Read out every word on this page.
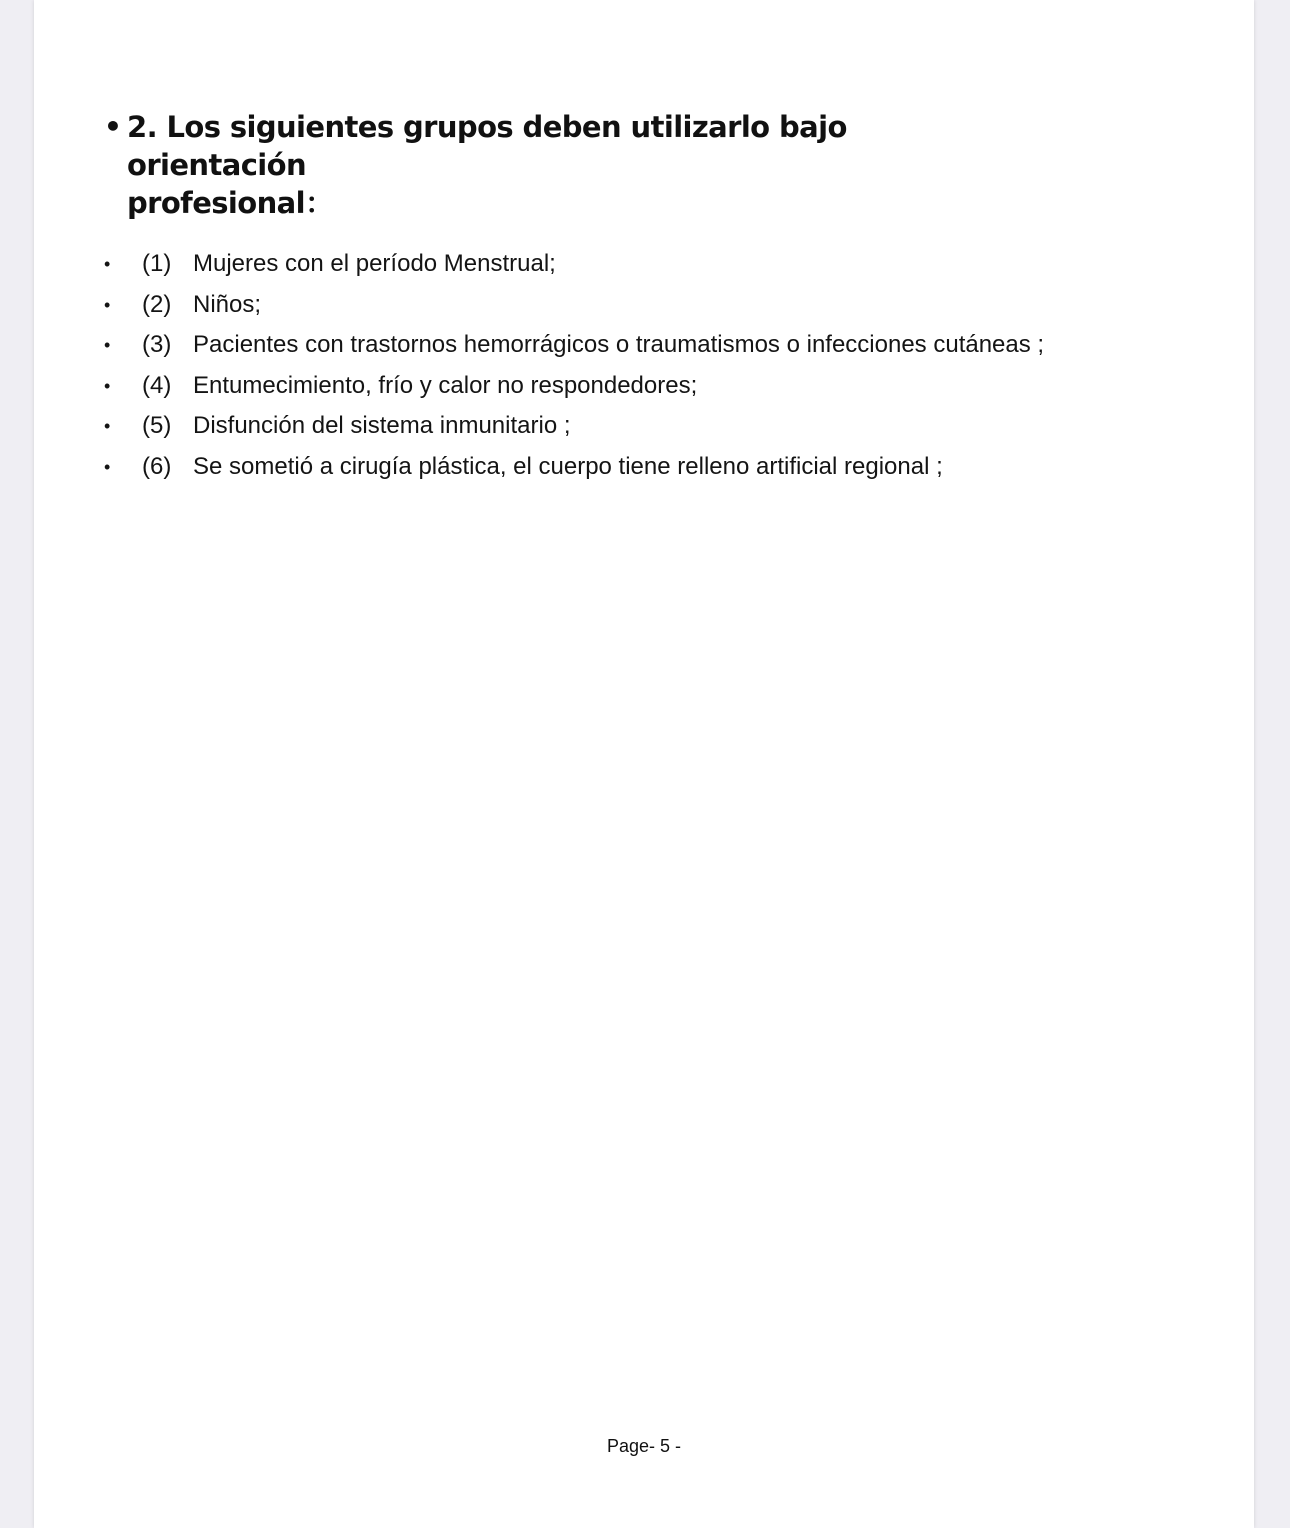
• 2. Los siguientes grupos deben utilizarlo bajo orientación
profesional：
• (1) Mujeres con el período Menstrual;
• (2) Niños;
• (3) Pacientes con trastornos hemorrágicos o traumatismos o infecciones cutáneas ;
• (4) Entumecimiento, frío y calor no respondedores;
• (5) Disfunción del sistema inmunitario ;
• (6) Se sometió a cirugía plástica, el cuerpo tiene relleno artificial regional ;
Page- 5 -
